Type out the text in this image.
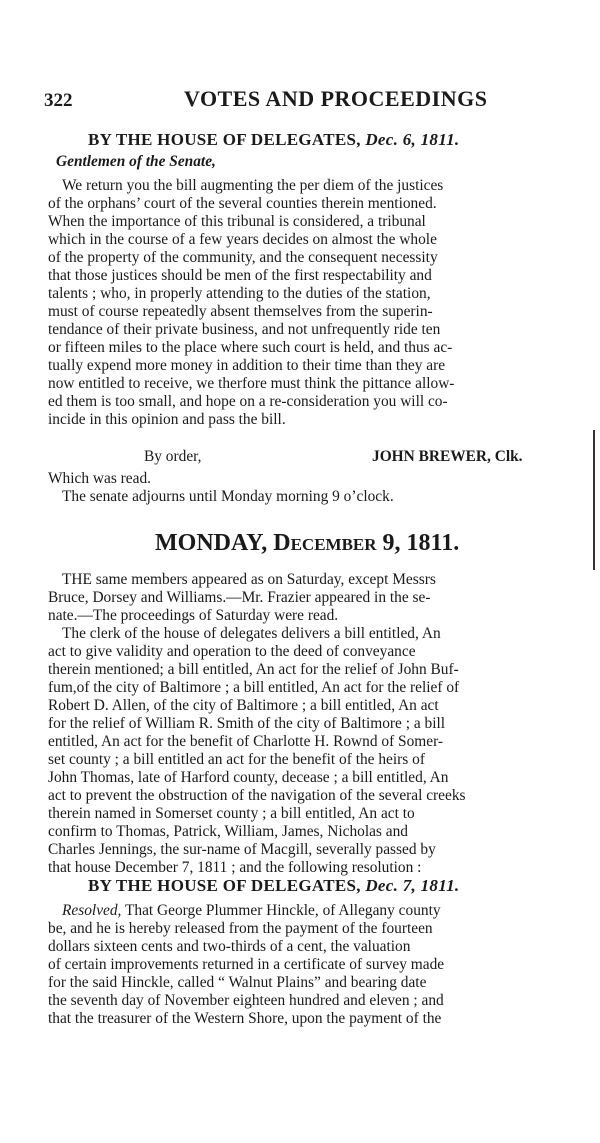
322	VOTES AND PROCEEDINGS
BY THE HOUSE OF DELEGATES, Dec. 6, 1811.
Gentlemen of the Senate,
We return you the bill augmenting the per diem of the justices
of the orphans’ court of the several counties therein mentioned.
When the importance of this tribunal is considered, a tribunal
which in the course of a few years decides on almost the whole
of the property of the community, and the consequent necessity
that those justices should be men of the first respectability and
talents ; who, in properly attending to the duties of the station,
must of course repeatedly absent themselves from the superin-
tendance of their private business, and not unfrequently ride ten
or fifteen miles to the place where such court is held, and thus ac-
tually expend more money in addition to their time than they are
now entitled to receive, we therfore must think the pittance allow-
ed them is too small, and hope on a re-consideration you will co-
incide in this opinion and pass the bill.
By order,	JOHN BREWER, Clk.
Which was read.
The senate adjourns until Monday morning 9 o’clock.
MONDAY, December 9, 1811.
THE same members appeared as on Saturday, except Messrs
Bruce, Dorsey and Williams.—Mr. Frazier appeared in the se-
nate.—The proceedings of Saturday were read.
The clerk of the house of delegates delivers a bill entitled, An
act to give validity and operation to the deed of conveyance
therein mentioned; a bill entitled, An act for the relief of John Buf-
fum,of the city of Baltimore ; a bill entitled, An act for the relief of
Robert D. Allen, of the city of Baltimore ; a bill entitled, An act
for the relief of William R. Smith of the city of Baltimore ; a bill
entitled, An act for the benefit of Charlotte H. Rownd of Somer-
set county ; a bill entitled an act for the benefit of the heirs of
John Thomas, late of Harford county, decease ; a bill entitled, An
act to prevent the obstruction of the navigation of the several creeks
therein named in Somerset county ; a bill entitled, An act to
confirm to Thomas, Patrick, William, James, Nicholas and
Charles Jennings, the sur-name of Macgill, severally passed by
that house December 7, 1811 ; and the following resolution :
BY THE HOUSE OF DELEGATES, Dec. 7, 1811.
Resolved, That George Plummer Hinckle, of Allegany county
be, and he is hereby released from the payment of the fourteen
dollars sixteen cents and two-thirds of a cent, the valuation
of certain improvements returned in a certificate of survey made
for the said Hinckle, called “ Walnut Plains” and bearing date
the seventh day of November eighteen hundred and eleven ; and
that the treasurer of the Western Shore, upon the payment of the
